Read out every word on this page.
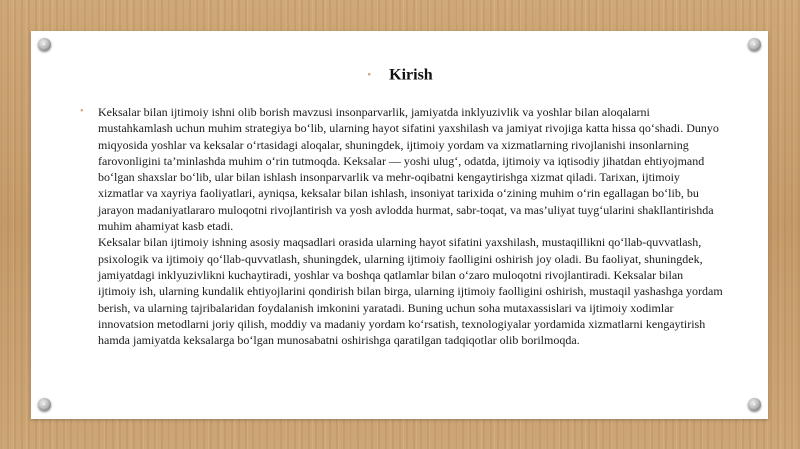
• Kirish
• Keksalar bilan ijtimoiy ishni olib borish mavzusi insonparvarlik, jamiyatda inklyuzivlik va yoshlar bilan aloqalarni mustahkamlash uchun muhim strategiya bo‘lib, ularning hayot sifatini yaxshilash va jamiyat rivojiga katta hissa qo‘shadi. Dunyo miqyosida yoshlar va keksalar o‘rtasidagi aloqalar, shuningdek, ijtimoiy yordam va xizmatlarning rivojlanishi insonlarning farovonligini ta’minlashda muhim o‘rin tutmoqda. Keksalar — yoshi ulug‘, odatda, ijtimoiy va iqtisodiy jihatdan ehtiyojmand bo‘lgan shaxslar bo‘lib, ular bilan ishlash insonparvarlik va mehr-oqibatni kengaytirishga xizmat qiladi. Tarixan, ijtimoiy xizmatlar va xayriya faoliyatlari, ayniqsa, keksalar bilan ishlash, insoniyat tarixida o‘zining muhim o‘rin egallagan bo‘lib, bu jarayon madaniyatlararo muloqotni rivojlantirish va yosh avlodda hurmat, sabr-toqat, va mas’uliyat tuyg‘ularini shakllantirishda muhim ahamiyat kasb etadi.

Keksalar bilan ijtimoiy ishning asosiy maqsadlari orasida ularning hayot sifatini yaxshilash, mustaqillikni qo‘llab-quvvatlash, psixologik va ijtimoiy qo‘llab-quvvatlash, shuningdek, ularning ijtimoiy faolligini oshirish joy oladi. Bu faoliyat, shuningdek, jamiyatdagi inklyuzivlikni kuchaytiradi, yoshlar va boshqa qatlamlar bilan o‘zaro muloqotni rivojlantiradi. Keksalar bilan ijtimoiy ish, ularning kundalik ehtiyojlarini qondirish bilan birga, ularning ijtimoiy faolligini oshirish, mustaqil yashashga yordam berish, va ularning tajribalaridan foydalanish imkonini yaratadi. Buning uchun soha mutaxassislari va ijtimoiy xodimlar innovatsion metodlarni joriy qilish, moddiy va madaniy yordam ko‘rsatish, texnologiyalar yordamida xizmatlarni kengaytirish hamda jamiyatda keksalarga bo‘lgan munosabatni oshirishga qaratilgan tadqiqotlar olib borilmoqda.
